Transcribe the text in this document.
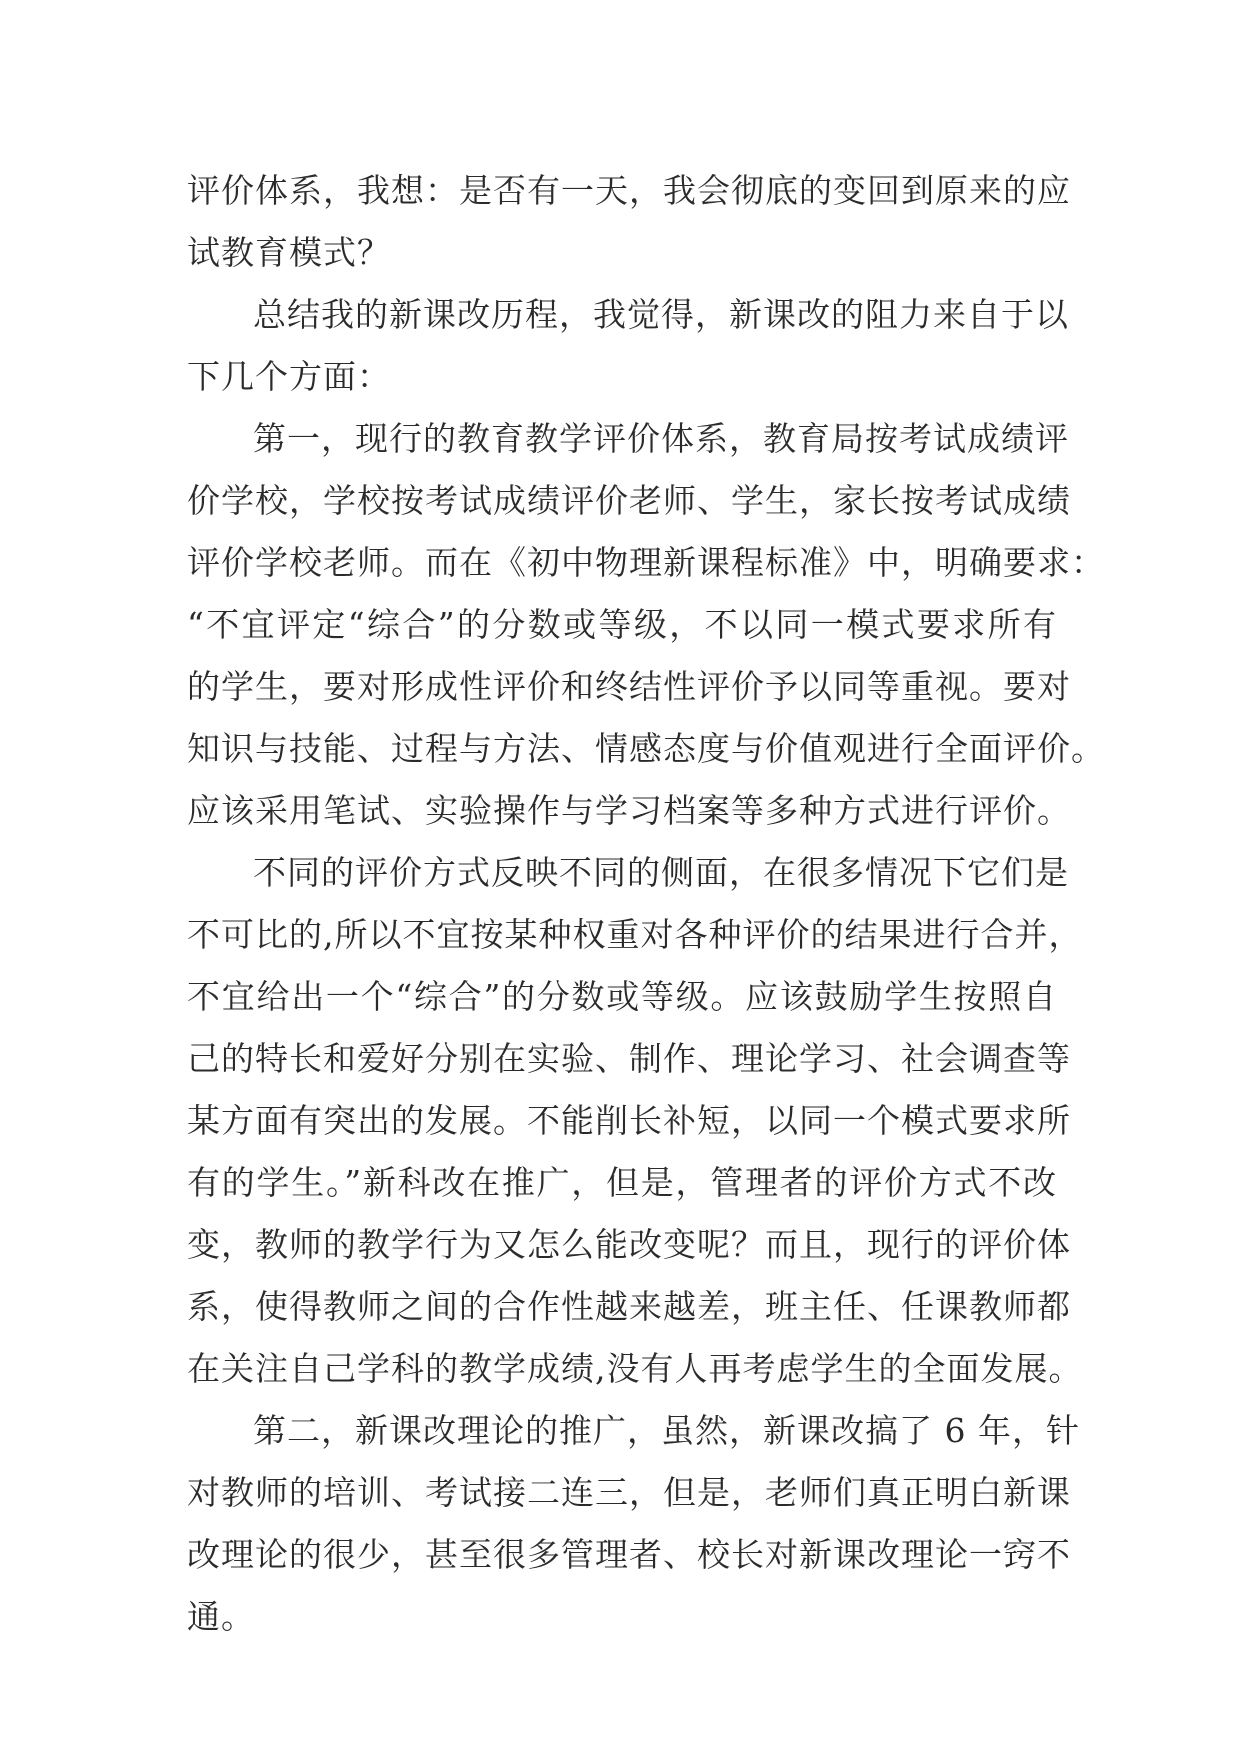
评价体系，我想：是否有一天，我会彻底的变回到原来的应
试教育模式？
总结我的新课改历程，我觉得，新课改的阻力来自于以
下几个方面：
第一，现行的教育教学评价体系，教育局按考试成绩评
价学校，学校按考试成绩评价老师、学生，家长按考试成绩
评价学校老师。而在《初中物理新课程标准》中，明确要求：
“不宜评定“综合”的分数或等级，不以同一模式要求所有
的学生，要对形成性评价和终结性评价予以同等重视。要对
知识与技能、过程与方法、情感态度与价值观进行全面评价。
应该采用笔试、实验操作与学习档案等多种方式进行评价。
不同的评价方式反映不同的侧面，在很多情况下它们是
不可比的,所以不宜按某种权重对各种评价的结果进行合并，
不宜给出一个“综合”的分数或等级。应该鼓励学生按照自
己的特长和爱好分别在实验、制作、理论学习、社会调查等
某方面有突出的发展。不能削长补短，以同一个模式要求所
有的学生。”新科改在推广，但是，管理者的评价方式不改
变，教师的教学行为又怎么能改变呢？而且，现行的评价体
系，使得教师之间的合作性越来越差，班主任、任课教师都
在关注自己学科的教学成绩,没有人再考虑学生的全面发展。
第二，新课改理论的推广，虽然，新课改搞了 6 年，针
对教师的培训、考试接二连三，但是，老师们真正明白新课
改理论的很少，甚至很多管理者、校长对新课改理论一窍不
通。
